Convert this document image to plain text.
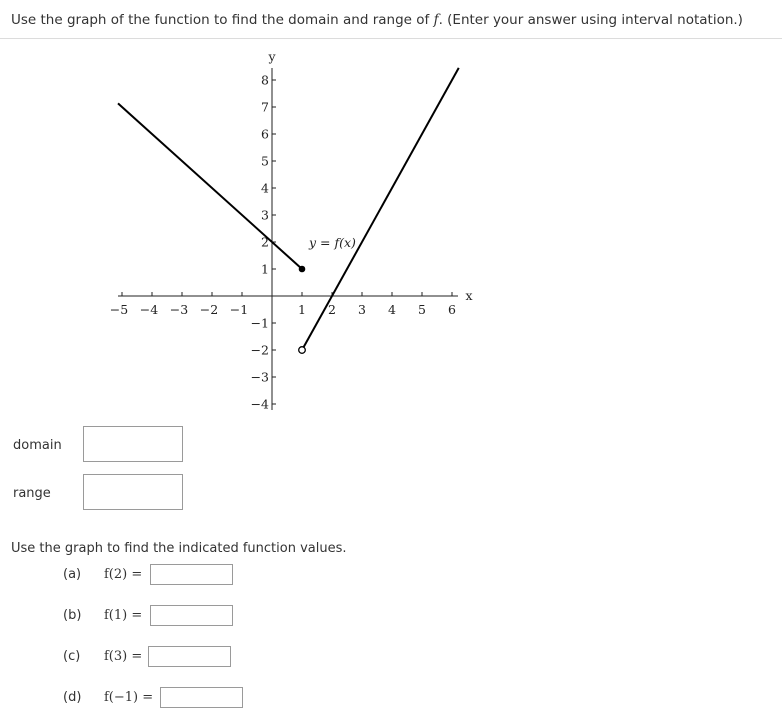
Use the graph of the function to find the domain and range of f. (Enter your answer using interval notation.)
−5 −4 −3 −2 −1	1 2 3 4 5 6
8
7
6
5
4
3
2
1
−1
−2
−3
−4
y
x
y = f(x)
domain
range
Use the graph to find the indicated function values.
(a) f(2) =
(b) f(1) =
(c) f(3) =
(d) f(−1) =
